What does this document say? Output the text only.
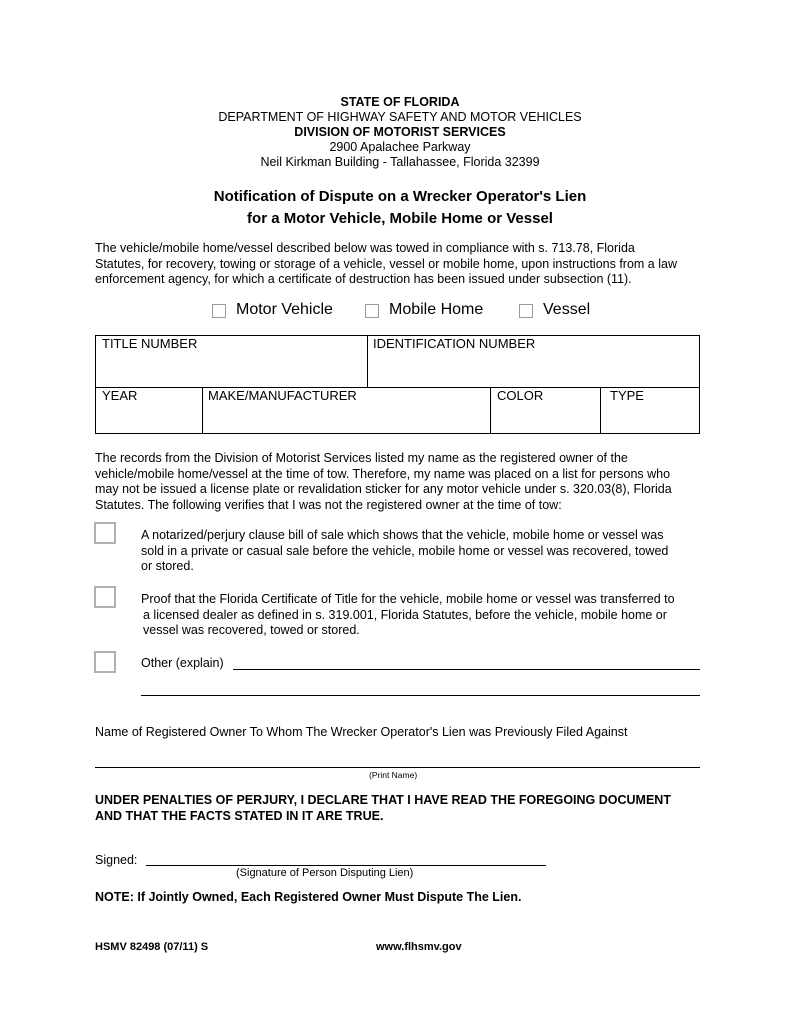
STATE OF FLORIDA
DEPARTMENT OF HIGHWAY SAFETY AND MOTOR VEHICLES
DIVISION OF MOTORIST SERVICES
2900 Apalachee Parkway
Neil Kirkman Building - Tallahassee, Florida 32399
Notification of Dispute on a Wrecker Operator's Lien
for a Motor Vehicle, Mobile Home or Vessel
The vehicle/mobile home/vessel described below was towed in compliance with s. 713.78, Florida
Statutes, for recovery, towing or storage of a vehicle, vessel or mobile home, upon instructions from a law
enforcement agency, for which a certificate of destruction has been issued under subsection (11).
Motor Vehicle	Mobile Home	Vessel
TITLE NUMBER	IDENTIFICATION NUMBER
YEAR	MAKE/MANUFACTURER	COLOR	TYPE
The records from the Division of Motorist Services listed my name as the registered owner of the
vehicle/mobile home/vessel at the time of tow. Therefore, my name was placed on a list for persons who
may not be issued a license plate or revalidation sticker for any motor vehicle under s. 320.03(8), Florida
Statutes. The following verifies that I was not the registered owner at the time of tow:
A notarized/perjury clause bill of sale which shows that the vehicle, mobile home or vessel was
sold in a private or casual sale before the vehicle, mobile home or vessel was recovered, towed
or stored.
Proof that the Florida Certificate of Title for the vehicle, mobile home or vessel was transferred to
a licensed dealer as defined in s. 319.001, Florida Statutes, before the vehicle, mobile home or
vessel was recovered, towed or stored.
Other (explain)
Name of Registered Owner To Whom The Wrecker Operator's Lien was Previously Filed Against
(Print Name)
UNDER PENALTIES OF PERJURY, I DECLARE THAT I HAVE READ THE FOREGOING DOCUMENT
AND THAT THE FACTS STATED IN IT ARE TRUE.
Signed:
(Signature of Person Disputing Lien)
NOTE: If Jointly Owned, Each Registered Owner Must Dispute The Lien.
HSMV 82498 (07/11) S	www.flhsmv.gov
